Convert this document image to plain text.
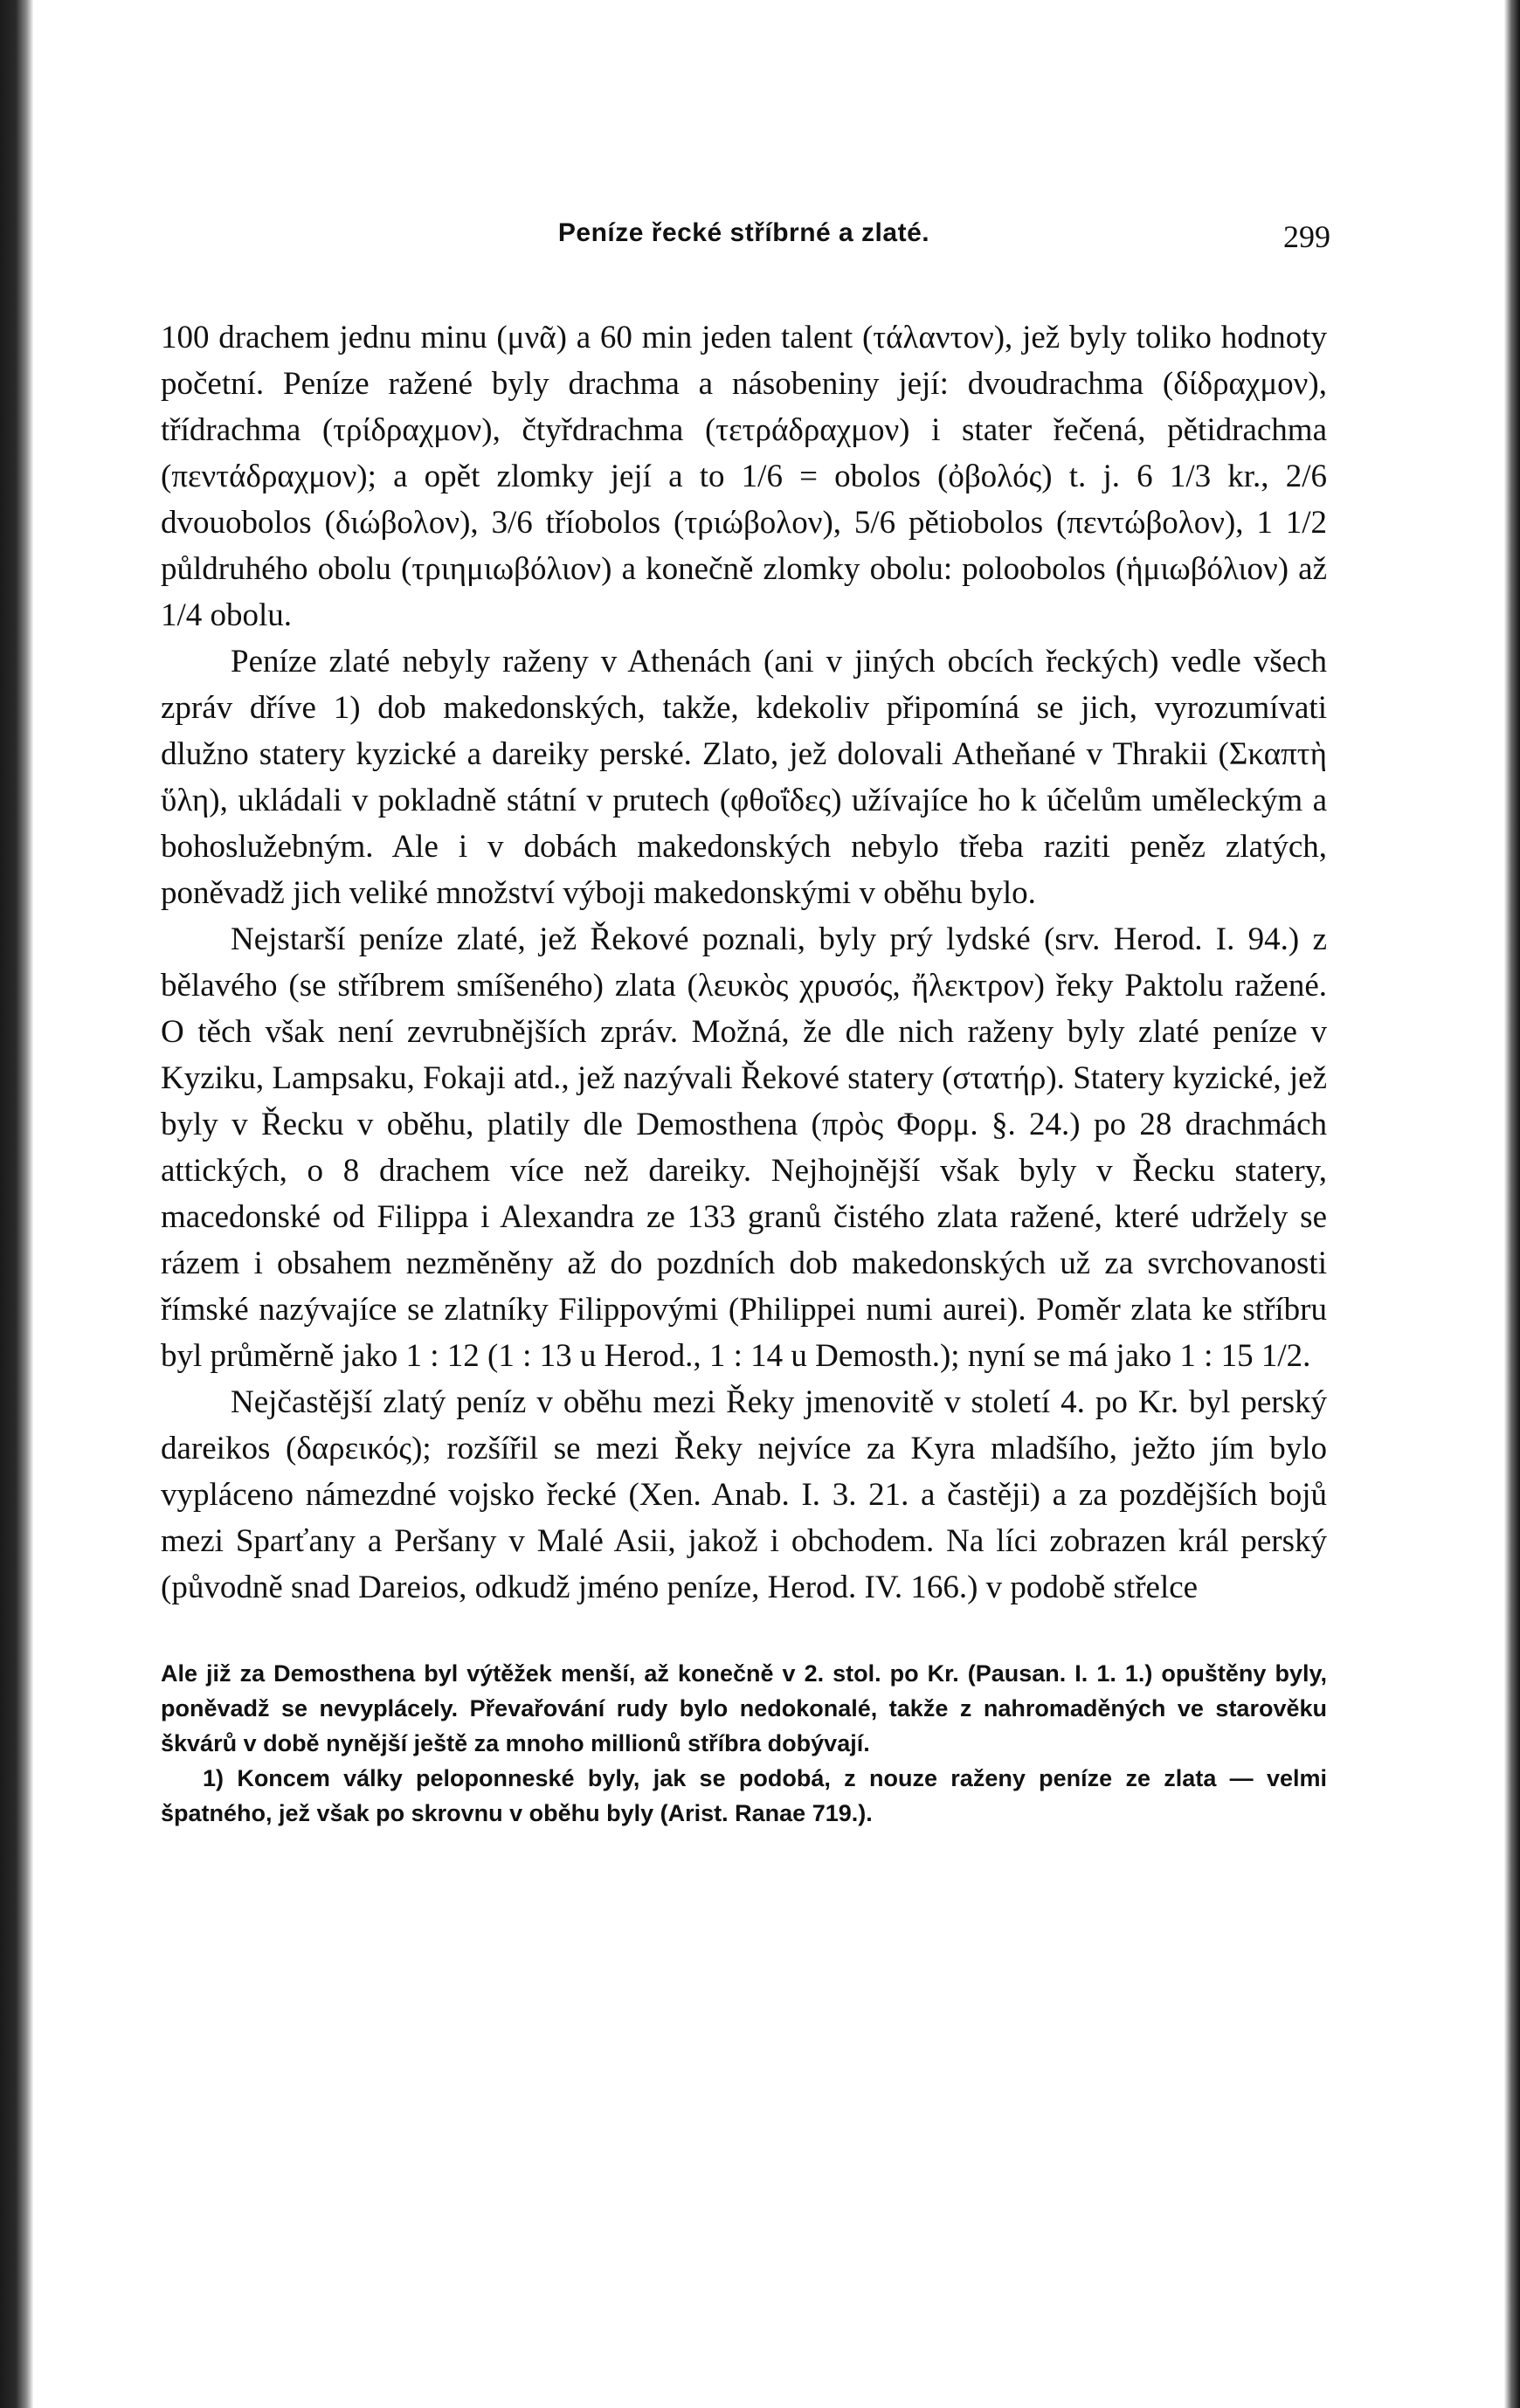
Peníze řecké stříbrné a zlaté.	299

100 drachem jednu minu (μνᾶ) a 60 min jeden talent (τάλαντον), jež byly toliko hodnoty početní. Peníze ražené byly drachma a násobeniny její: dvoudrachma (δίδραχμον), třídrachma (τρίδραχμον), čtyřdrachma (τετράδραχμον) i stater řečená, pětidrachma (πεντάδραχμον); a opět zlomky její a to 1/6 = obolos (ὀβολός) t. j. 6 1/3 kr., 2/6 dvouobolos (διώβολον), 3/6 tříobolos (τριώβολον), 5/6 pětiobolos (πεντώβολον), 1 1/2 půldruhého obolu (τριημιωβόλιον) a konečně zlomky obolu: poloobolos (ἡμιωβόλιον) až 1/4 obolu.

Peníze zlaté nebyly raženy v Athenách (ani v jiných obcích řeckých) vedle všech zpráv dříve 1) dob makedonských, takže, kdekoliv připomíná se jich, vyrozumívati dlužno statery kyzické a dareiky perské. Zlato, jež dolovali Atheňané v Thrakii (Σκαπτὴ ὕλη), ukládali v pokladně státní v prutech (φθοΐδες) užívajíce ho k účelům uměleckým a bohoslužebným. Ale i v dobách makedonských nebylo třeba raziti peněz zlatých, poněvadž jich veliké množství výboji makedonskými v oběhu bylo.

Nejstarší peníze zlaté, jež Řekové poznali, byly prý lydské (srv. Herod. I. 94.) z bělavého (se stříbrem smíšeného) zlata (λευκὸς χρυσός, ἤλεκτρον) řeky Paktolu ražené. O těch však není zevrubnějších zpráv. Možná, že dle nich raženy byly zlaté peníze v Kyziku, Lampsaku, Fokaji atd., jež nazývali Řekové statery (στατήρ). Statery kyzické, jež byly v Řecku v oběhu, platily dle Demosthena (πρὸς Φορμ. §. 24.) po 28 drachmách attických, o 8 drachem více než dareiky. Nejhojnější však byly v Řecku statery, macedonské od Filippa i Alexandra ze 133 granů čistého zlata ražené, které udržely se rázem i obsahem nezměněny až do pozdních dob makedonských už za svrchovanosti římské nazývajíce se zlatníky Filippovými (Philippei numi aurei). Poměr zlata ke stříbru byl průměrně jako 1 : 12 (1 : 13 u Herod., 1 : 14 u Demosth.); nyní se má jako 1 : 15 1/2.

Nejčastější zlatý peníz v oběhu mezi Řeky jmenovitě v století 4. po Kr. byl perský dareikos (δαρεικός); rozšířil se mezi Řeky nejvíce za Kyra mladšího, ježto jím bylo vypláceno námezdné vojsko řecké (Xen. Anab. I. 3. 21. a častěji) a za pozdějších bojů mezi Sparťany a Peršany v Malé Asii, jakož i obchodem. Na líci zobrazen král perský (původně snad Dareios, odkudž jméno peníze, Herod. IV. 166.) v podobě střelce

Ale již za Demosthena byl výtěžek menší, až konečně v 2. stol. po Kr. (Pausan. I. 1. 1.) opuštěny byly, poněvadž se nevyplácely. Převařování rudy bylo nedokonalé, takže z nahromaděných ve starověku škvárů v době nynější ještě za mnoho millionů stříbra dobývají.

1) Koncem války peloponneské byly, jak se podobá, z nouze raženy peníze ze zlata — velmi špatného, jež však po skrovnu v oběhu byly (Arist. Ranae 719.).
